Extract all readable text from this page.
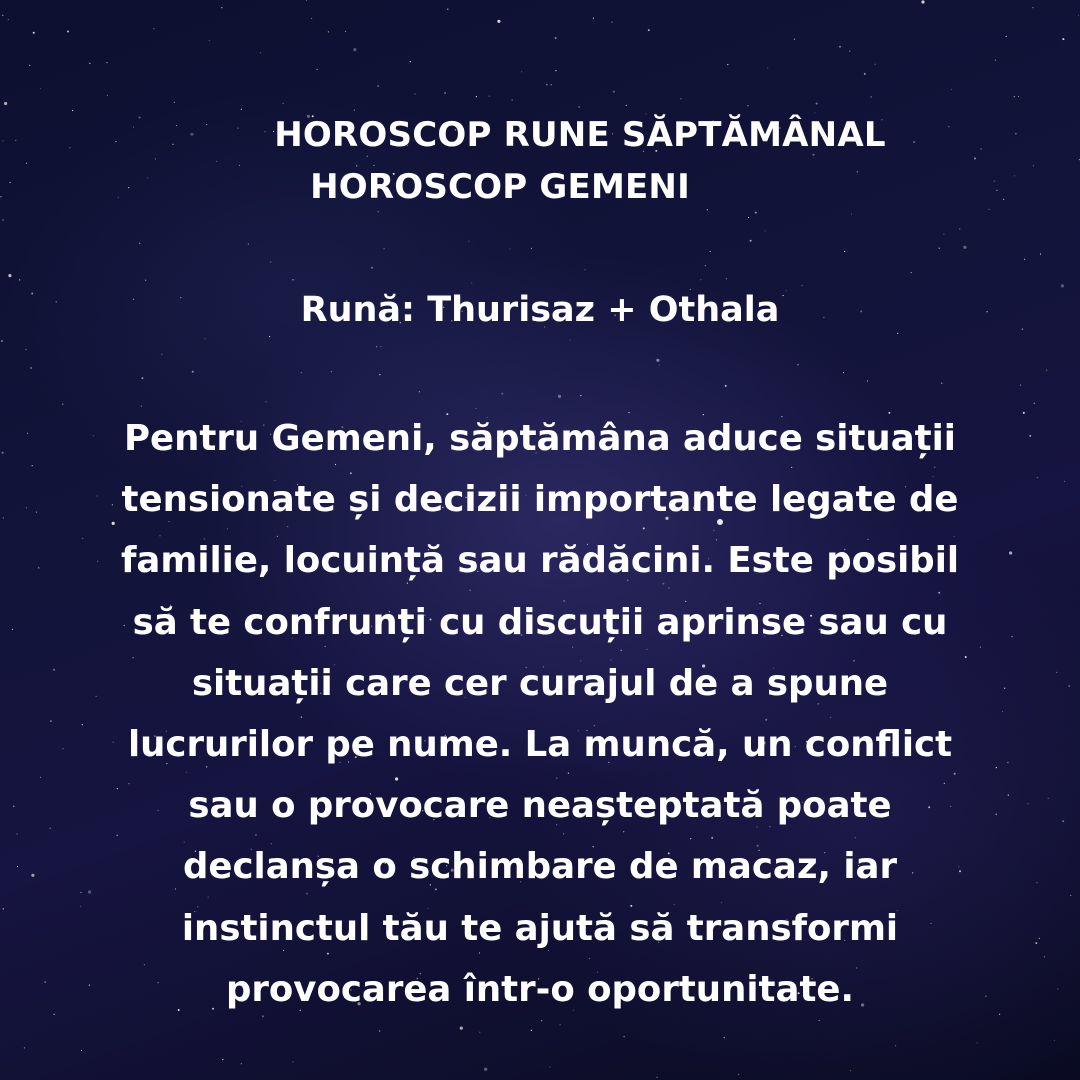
HOROSCOP RUNE SĂPTĂMÂNAL
HOROSCOP GEMENI
Rună: Thurisaz + Othala
Pentru Gemeni, săptămâna aduce situații
tensionate și decizii importante legate de
familie, locuință sau rădăcini. Este posibil
să te confrunți cu discuții aprinse sau cu
situații care cer curajul de a spune
lucrurilor pe nume. La muncă, un conflict
sau o provocare neașteptată poate
declanșa o schimbare de macaz, iar
instinctul tău te ajută să transformi
provocarea într-o oportunitate.
